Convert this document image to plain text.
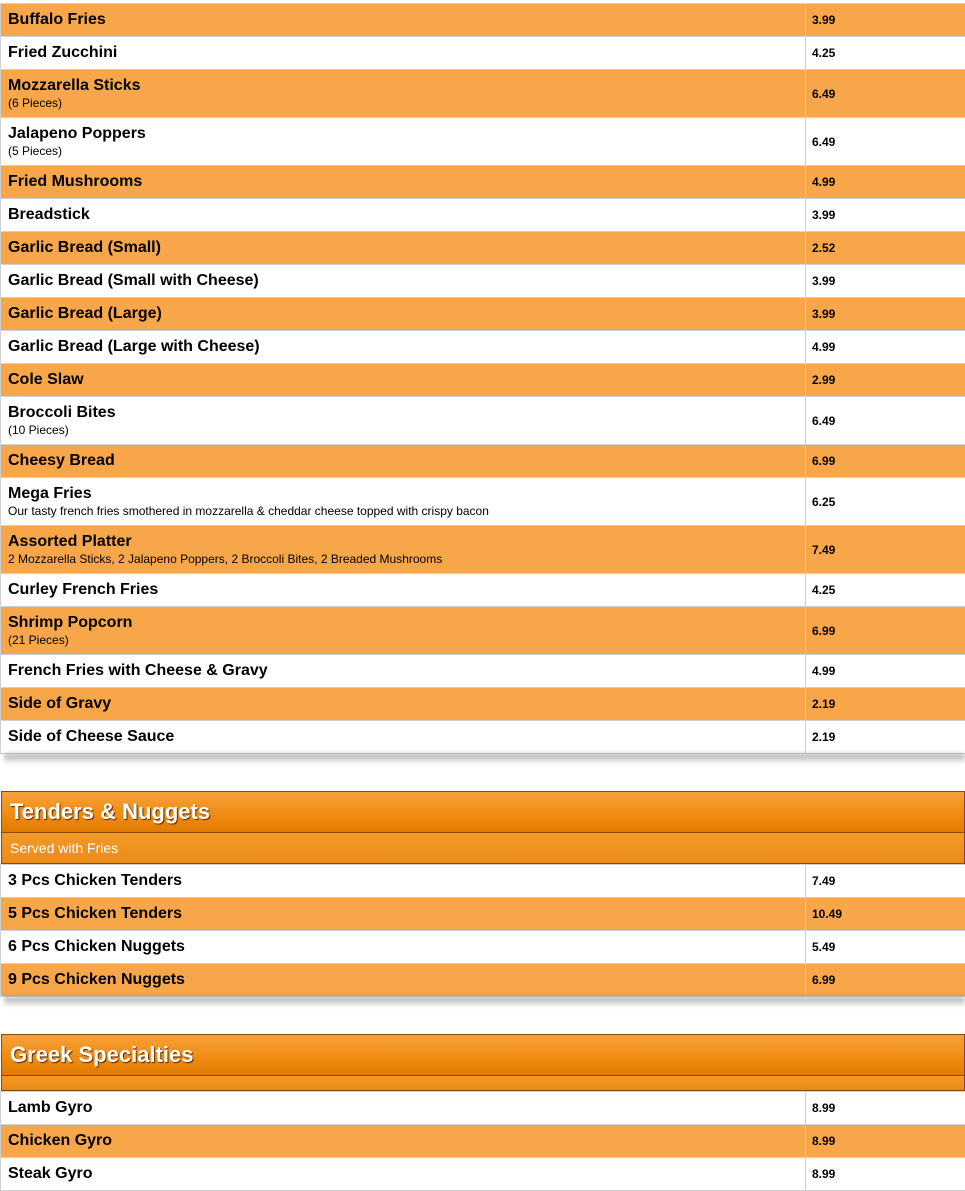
Buffalo Fries	3.99

Fried Zucchini	4.25

Mozzarella Sticks
(6 Pieces)	6.49

Jalapeno Poppers
(5 Pieces)	6.49

Fried Mushrooms	4.99

Breadstick	3.99

Garlic Bread (Small)	2.52

Garlic Bread (Small with Cheese)	3.99

Garlic Bread (Large)	3.99

Garlic Bread (Large with Cheese)	4.99

Cole Slaw	2.99

Broccoli Bites
(10 Pieces)	6.49

Cheesy Bread	6.99

Mega Fries
Our tasty french fries smothered in mozzarella & cheddar cheese topped with crispy bacon	6.25

Assorted Platter
2 Mozzarella Sticks, 2 Jalapeno Poppers, 2 Broccoli Bites, 2 Breaded Mushrooms	7.49

Curley French Fries	4.25

Shrimp Popcorn
(21 Pieces)	6.99

French Fries with Cheese & Gravy	4.99

Side of Gravy	2.19

Side of Cheese Sauce	2.19
Tenders & Nuggets
Served with Fries
3 Pcs Chicken Tenders	7.49

5 Pcs Chicken Tenders	10.49

6 Pcs Chicken Nuggets	5.49

9 Pcs Chicken Nuggets	6.99
Greek Specialties
Lamb Gyro	8.99

Chicken Gyro	8.99

Steak Gyro	8.99
